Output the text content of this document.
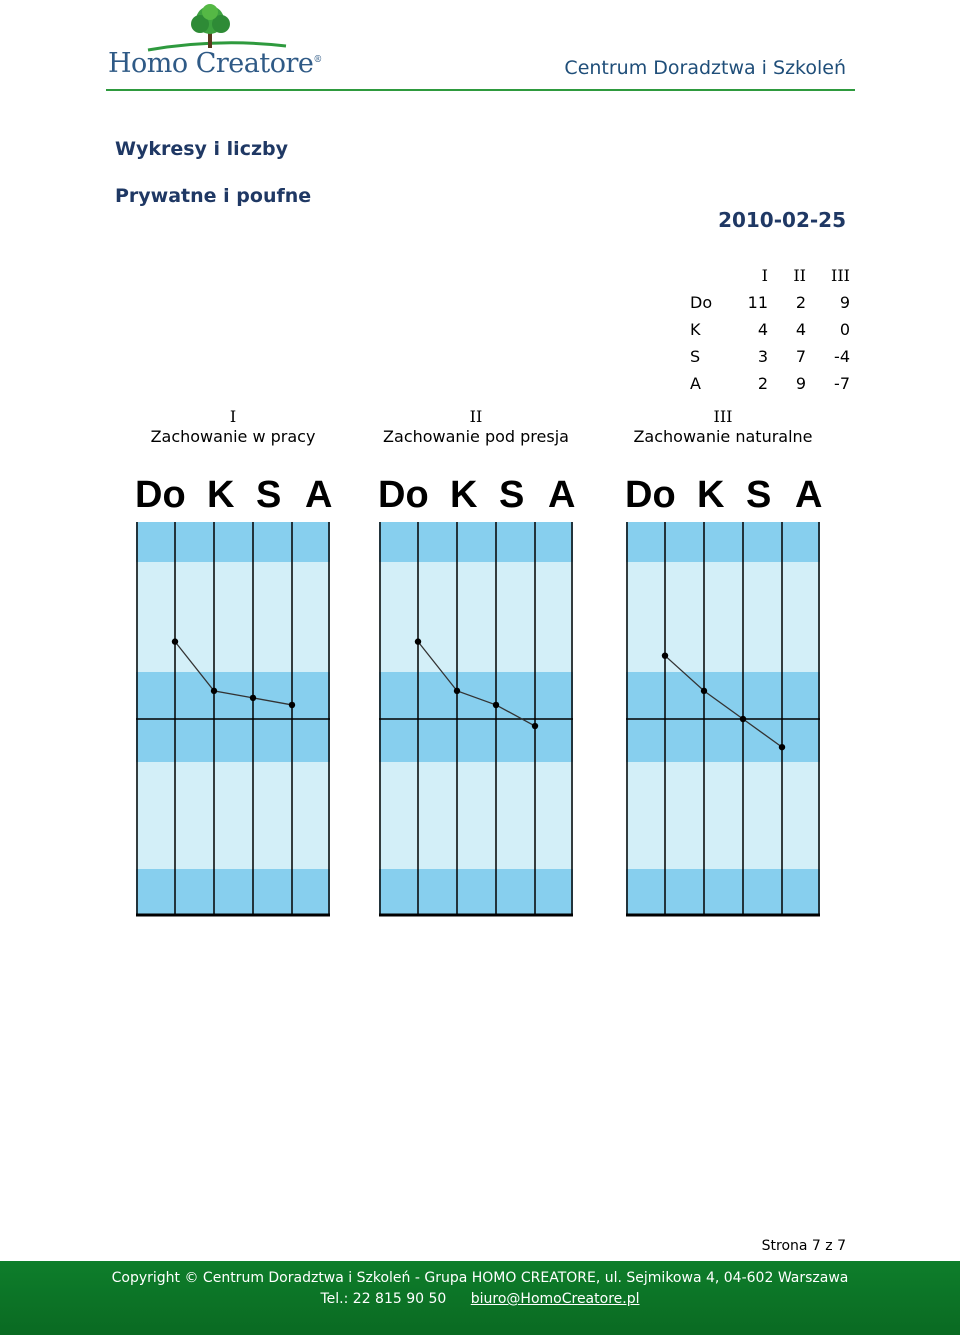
Homo Creatore®	Centrum Doradztwa i Szkoleń
Wykresy i liczby
Prywatne i poufne
2010-02-25
	I	II	III
Do	11	2	9
K	4	4	0
S	3	7	-4
A	2	9	-7
I
Zachowanie w pracy
II
Zachowanie pod presja
III
Zachowanie naturalne
Do K S A Do K S A Do K S A
Strona 7 z 7
Copyright © Centrum Doradztwa i Szkoleń - Grupa HOMO CREATORE, ul. Sejmikowa 4, 04-602 Warszawa
Tel.: 22 815 90 50 biuro@HomoCreatore.pl
